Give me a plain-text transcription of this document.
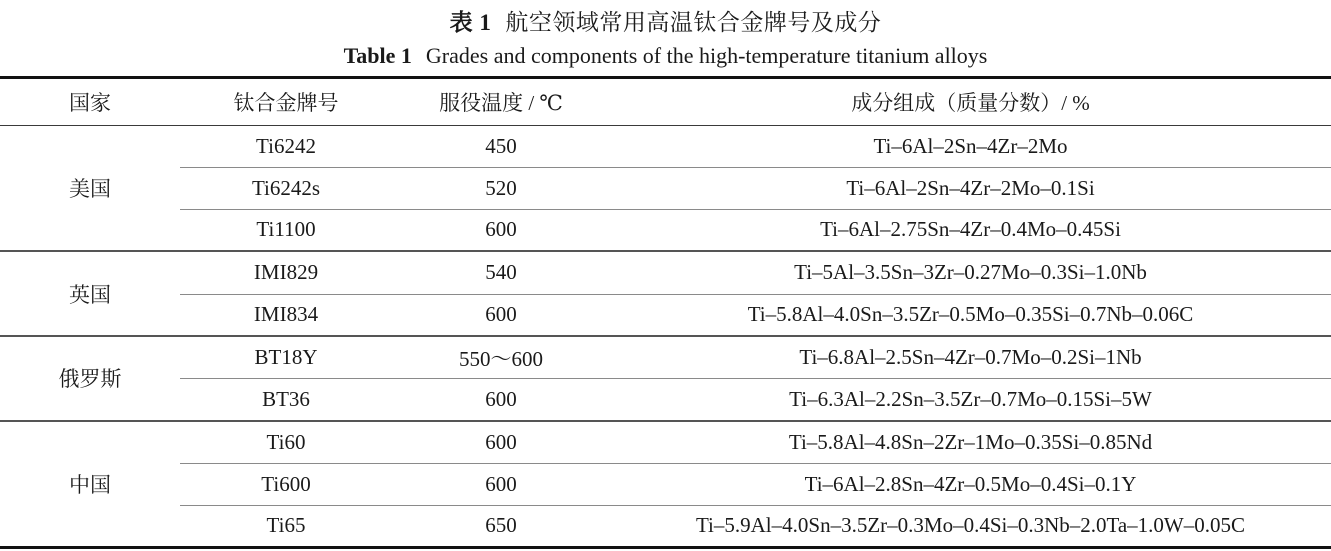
表 1 航空领域常用高温钛合金牌号及成分
Table 1 Grades and components of the high-temperature titanium alloys
国家	钛合金牌号	服役温度 / ℃	成分组成（质量分数）/ %
美国
Ti6242	450	Ti–6Al–2Sn–4Zr–2Mo
Ti6242s	520	Ti–6Al–2Sn–4Zr–2Mo–0.1Si
Ti1100	600	Ti–6Al–2.75Sn–4Zr–0.4Mo–0.45Si
英国
IMI829	540	Ti–5Al–3.5Sn–3Zr–0.27Mo–0.3Si–1.0Nb
IMI834	600	Ti–5.8Al–4.0Sn–3.5Zr–0.5Mo–0.35Si–0.7Nb–0.06C
俄罗斯
BT18Y	550～600	Ti–6.8Al–2.5Sn–4Zr–0.7Mo–0.2Si–1Nb
BT36	600	Ti–6.3Al–2.2Sn–3.5Zr–0.7Mo–0.15Si–5W
中国
Ti60	600	Ti–5.8Al–4.8Sn–2Zr–1Mo–0.35Si–0.85Nd
Ti600	600	Ti–6Al–2.8Sn–4Zr–0.5Mo–0.4Si–0.1Y
Ti65	650	Ti–5.9Al–4.0Sn–3.5Zr–0.3Mo–0.4Si–0.3Nb–2.0Ta–1.0W–0.05C
